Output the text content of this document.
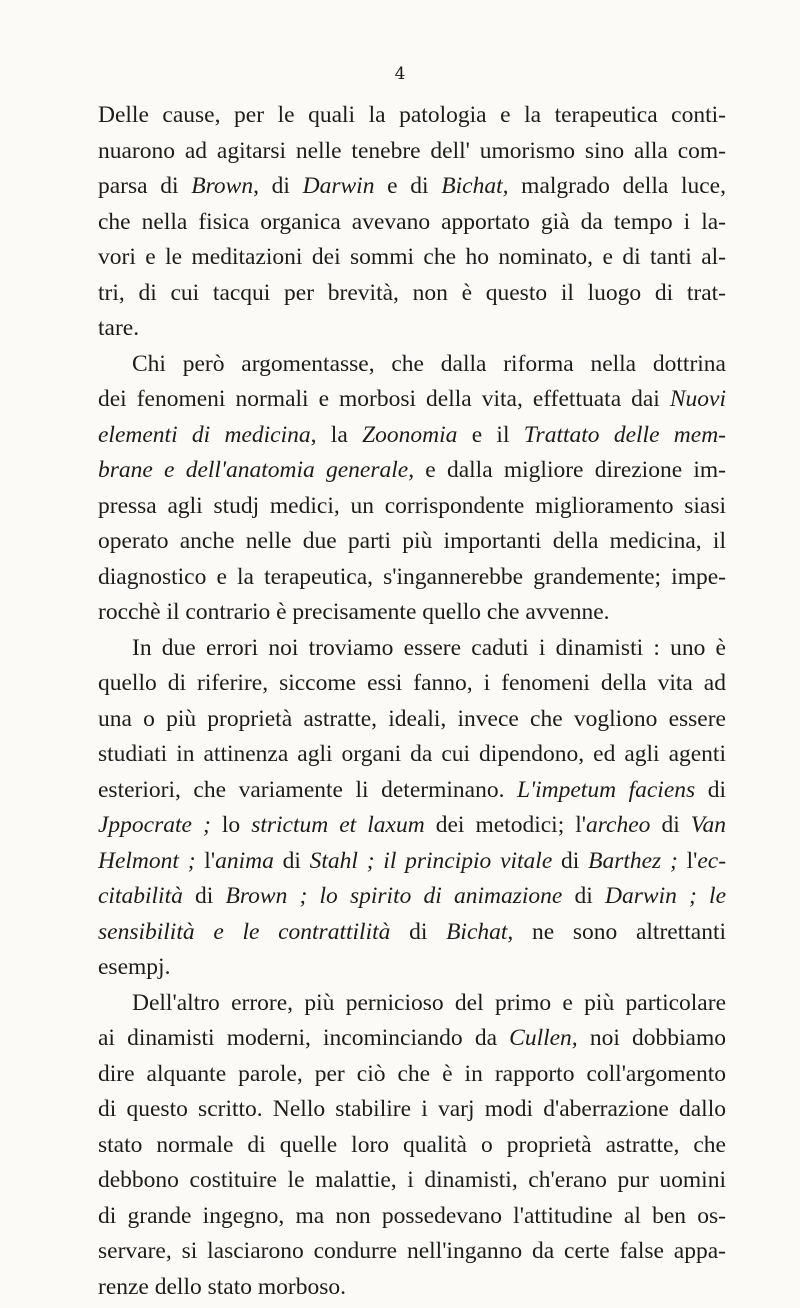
4
Delle cause, per le quali la patologia e la terapeutica conti-
nuarono ad agitarsi nelle tenebre dell' umorismo sino alla com-
parsa di Brown, di Darwin e di Bichat, malgrado della luce,
che nella fisica organica avevano apportato già da tempo i la-
vori e le meditazioni dei sommi che ho nominato, e di tanti al-
tri, di cui tacqui per brevità, non è questo il luogo di trat-
tare.
Chi però argomentasse, che dalla riforma nella dottrina
dei fenomeni normali e morbosi della vita, effettuata dai Nuovi
elementi di medicina, la Zoonomia e il Trattato delle mem-
brane e dell'anatomia generale, e dalla migliore direzione im-
pressa agli studj medici, un corrispondente miglioramento siasi
operato anche nelle due parti più importanti della medicina, il
diagnostico e la terapeutica, s'ingannerebbe grandemente; impe-
rocchè il contrario è precisamente quello che avvenne.
In due errori noi troviamo essere caduti i dinamisti : uno è
quello di riferire, siccome essi fanno, i fenomeni della vita ad
una o più proprietà astratte, ideali, invece che vogliono essere
studiati in attinenza agli organi da cui dipendono, ed agli agenti
esteriori, che variamente li determinano. L'impetum faciens di
Jppocrate ; lo strictum et laxum dei metodici; l'archeo di Van
Helmont ; l'anima di Stahl ; il principio vitale di Barthez ; l'ec-
citabilità di Brown ; lo spirito di animazione di Darwin ; le
sensibilità e le contrattilità di Bichat, ne sono altrettanti
esempj.
Dell'altro errore, più pernicioso del primo e più particolare
ai dinamisti moderni, incominciando da Cullen, noi dobbiamo
dire alquante parole, per ciò che è in rapporto coll'argomento
di questo scritto. Nello stabilire i varj modi d'aberrazione dallo
stato normale di quelle loro qualità o proprietà astratte, che
debbono costituire le malattie, i dinamisti, ch'erano pur uomini
di grande ingegno, ma non possedevano l'attitudine al ben os-
servare, si lasciarono condurre nell'inganno da certe false appa-
renze dello stato morboso.
